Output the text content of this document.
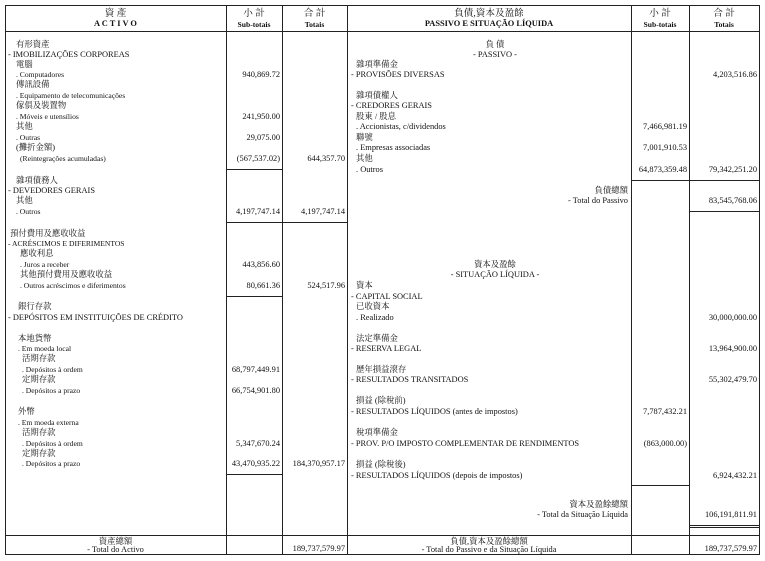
資 產
A C T I V O
小 計
Sub-totais
合 計
Totais
負債,資本及盈餘
PASSIVO E SITUAÇÃO LÍQUIDA
小 計
Sub-totais
合 計
Totais
有形資產
- IMOBILIZAÇÕES CORPOREAS
電腦
. Computadores
傳訊設備
. Equipamento de telecomunicações
傢俱及裝置物
. Móveis e utensílios
其他
. Outras
(攤折金額)
(Reintegrações acumuladas)
雜項債務人
- DEVEDORES GERAIS
其他
. Outros
預付費用及應收收益
- ACRÉSCIMOS E DIFERIMENTOS
應收利息
. Juros a receber
其他預付費用及應收收益
. Outros acréscimos e diferimentos
銀行存款
- DEPÓSITOS EM INSTITUIÇÕES DE CRÉDITO
本地貨幣
. Em moeda local
活期存款
. Depósitos à ordem
定期存款
. Depósitos a prazo
外幣
. Em moeda externa
活期存款
. Depósitos à ordem
定期存款
. Depósitos a prazo
940,869.72
241,950.00
29,075.00
(567,537.02)
4,197,747.14
443,856.60
80,661.36
68,797,449.91
66,754,901.80
5,347,670.24
43,470,935.22
644,357.70
4,197,747.14
524,517.96
184,370,957.17
負 債
- PASSIVO -
雜項準備金
- PROVISÕES DIVERSAS
雜項債權人
- CREDORES GERAIS
股東 / 股息
. Accionistas, c/dividendos
聯號
. Empresas associadas
其他
. Outros
負債總額
- Total do Passivo
資本及盈餘
- SITUAÇÃO LÍQUIDA -
資本
- CAPITAL SOCIAL
已收資本
. Realizado
法定準備金
- RESERVA LEGAL
歷年損益滾存
- RESULTADOS TRANSITADOS
損益 (除稅前)
- RESULTADOS LÍQUIDOS (antes de impostos)
稅項準備金
- PROV. P/O IMPOSTO COMPLEMENTAR DE RENDIMENTOS
損益 (除稅後)
- RESULTADOS LÍQUIDOS (depois de impostos)
資本及盈餘總額
- Total da Situação Líquida
7,466,981.19
7,001,910.53
64,873,359.48
7,787,432.21
(863,000.00)
4,203,516.86
79,342,251.20
83,545,768.06
30,000,000.00
13,964,900.00
55,302,479.70
6,924,432.21
106,191,811.91
資產總額
- Total do Activo	189,737,579.97
負債,資本及盈餘總額
- Total do Passivo e da Situação Líquida	189,737,579.97
